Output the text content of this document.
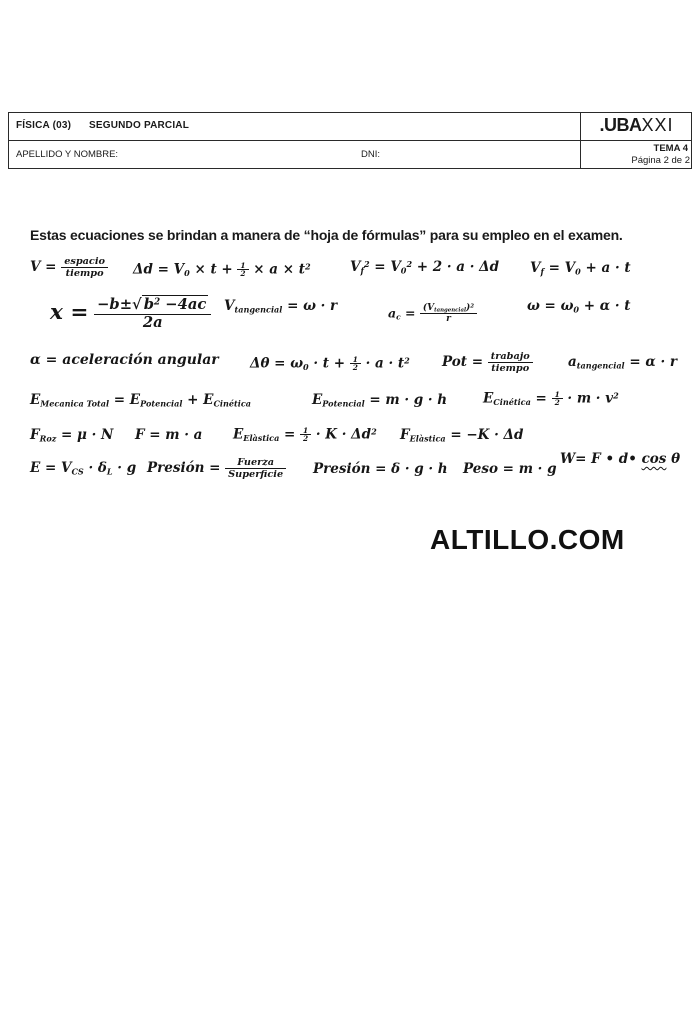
FÍSICA (03) SEGUNDO PARCIAL	.UBAXXI
APELLIDO Y NOMBRE:	DNI:
TEMA 4
Página 2 de 2
Estas ecuaciones se brindan a manera de “hoja de fórmulas” para su empleo en el examen.
V = espacio
tiempo	$\Delta d = V_0 \times t + \frac{1}{2} \times a \times t^2$	$V_f^2 = V_0^2 + 2 \cdot a \cdot \Delta d$ $V_f = V_0 + a \cdot t$
$x = \frac{-b\pm√ b^2 -4ac}{2a} V_{tangencial} = \omega \cdot r$	$a_c = (V_{tangencial})^2$
r
$\omega = \omega_0 + \alpha \cdot t$
α = aceleración angular $\Delta\theta = \omega_0 \cdot t + \frac{1}{2} \cdot a \cdot t^2$ Pot = trabajo
tiempo	$a_{tangencial} = \alpha \cdot r$
$E_{Mecanica Total} = E_{Potencial} + E_{Cinética}$	$E_{Potencial} = m \cdot g \cdot h$	$E_{Cinética} = \frac{1}{2} \cdot m \cdot v^2$
$F_{Roz} = \mu \cdot N$ F = m · a $E_{Elàstica} = \frac{1}{2} \cdot K \cdot \Delta d^2$ $F_{Elàstica} = -K \cdot \Delta d$
$E = V_{CS} \cdot \delta_L \cdot g$ Presión =	Fuerza
Superficie Presión = δ · g · h Peso = m · g
W= F • d• cos θ
ALTILLO.COM
